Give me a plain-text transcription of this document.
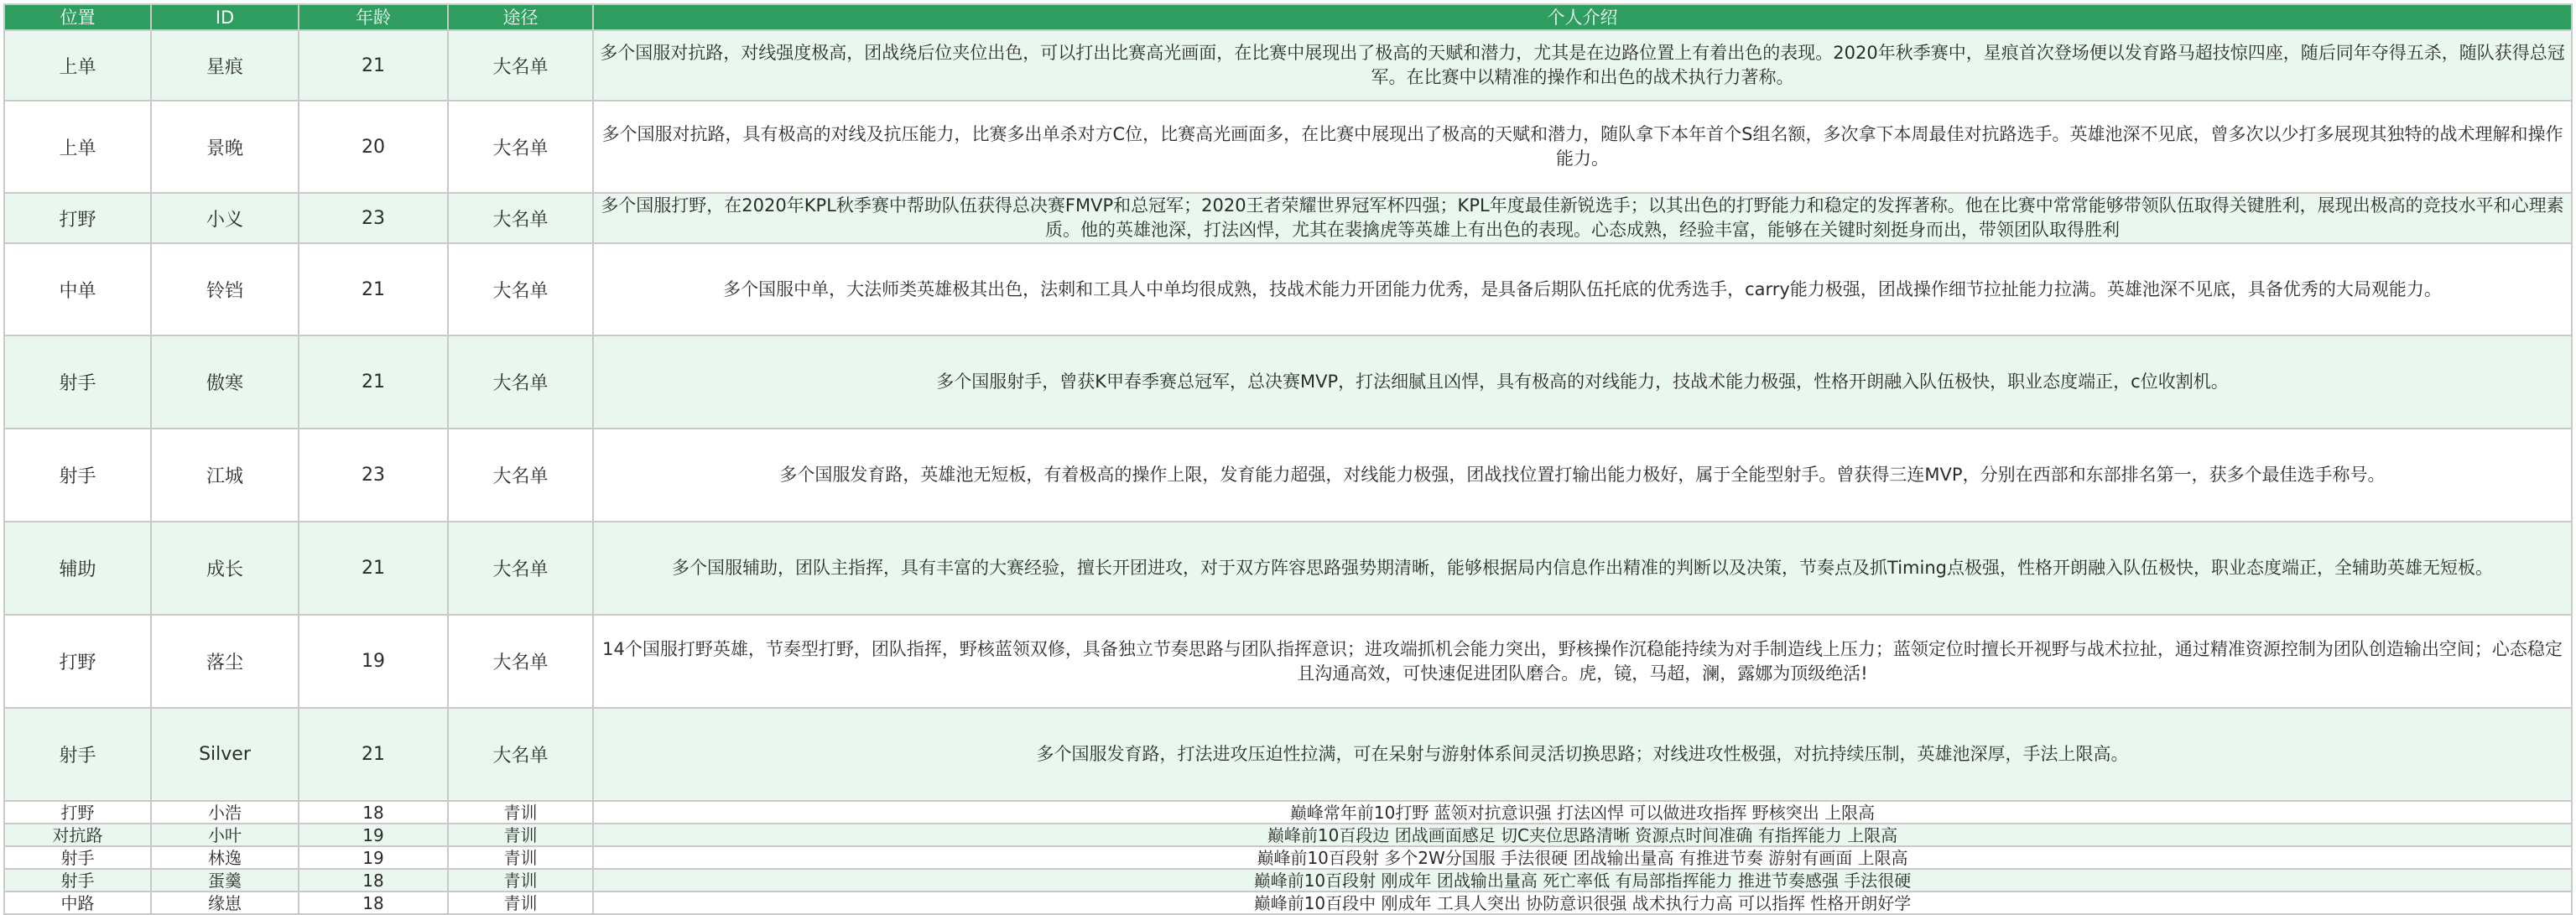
位置	ID	年龄	途径	个人介绍
上单	星痕	21	大名单	多个国服对抗路，对线强度极高，团战绕后位夹位出色，可以打出比赛高光画面，在比赛中展现出了极高的天赋和潜力，尤其是在边路位置上有着出色的表现。2020年秋季赛中，星痕首次登场便以发育路马超技惊四座，随后同年夺得五杀，随队获得总冠军。在比赛中以精准的操作和出色的战术执行力著称。
上单	景晚	20	大名单	多个国服对抗路，具有极高的对线及抗压能力，比赛多出单杀对方C位，比赛高光画面多，在比赛中展现出了极高的天赋和潜力，随队拿下本年首个S组名额，多次拿下本周最佳对抗路选手。英雄池深不见底，曾多次以少打多展现其独特的战术理解和操作能力。
打野	小义	23	大名单	多个国服打野，在2020年KPL秋季赛中帮助队伍获得总决赛FMVP和总冠军；2020王者荣耀世界冠军杯四强；KPL年度最佳新锐选手；以其出色的打野能力和稳定的发挥著称。他在比赛中常常能够带领队伍取得关键胜利，展现出极高的竞技水平和心理素质。他的英雄池深，打法凶悍，尤其在裴擒虎等英雄上有出色的表现。心态成熟，经验丰富，能够在关键时刻挺身而出，带领团队取得胜利
中单	铃铛	21	大名单	多个国服中单，大法师类英雄极其出色，法刺和工具人中单均很成熟，技战术能力开团能力优秀，是具备后期队伍托底的优秀选手，carry能力极强，团战操作细节拉扯能力拉满。英雄池深不见底，具备优秀的大局观能力。
射手	傲寒	21	大名单	多个国服射手，曾获K甲春季赛总冠军，总决赛MVP，打法细腻且凶悍，具有极高的对线能力，技战术能力极强，性格开朗融入队伍极快，职业态度端正，c位收割机。
射手	江城	23	大名单	多个国服发育路，英雄池无短板，有着极高的操作上限，发育能力超强，对线能力极强，团战找位置打输出能力极好，属于全能型射手。曾获得三连MVP，分别在西部和东部排名第一，获多个最佳选手称号。
辅助	成长	21	大名单	多个国服辅助，团队主指挥，具有丰富的大赛经验，擅长开团进攻，对于双方阵容思路强势期清晰，能够根据局内信息作出精准的判断以及决策，节奏点及抓Timing点极强，性格开朗融入队伍极快，职业态度端正，全辅助英雄无短板。
打野	落尘	19	大名单	14个国服打野英雄，节奏型打野，团队指挥，野核蓝领双修，具备独立节奏思路与团队指挥意识；进攻端抓机会能力突出，野核操作沉稳能持续为对手制造线上压力；蓝领定位时擅长开视野与战术拉扯，通过精准资源控制为团队创造输出空间；心态稳定且沟通高效，可快速促进团队磨合。虎，镜，马超，澜，露娜为顶级绝活!
射手	Silver	21	大名单	多个国服发育路，打法进攻压迫性拉满，可在呆射与游射体系间灵活切换思路；对线进攻性极强，对抗持续压制，英雄池深厚，手法上限高。
打野	小浩	18	青训	巅峰常年前10打野 蓝领对抗意识强 打法凶悍 可以做进攻指挥 野核突出 上限高
对抗路	小叶	19	青训	巅峰前10百段边 团战画面感足 切C夹位思路清晰 资源点时间准确 有指挥能力 上限高
射手	林逸	19	青训	巅峰前10百段射 多个2W分国服 手法很硬 团战输出量高 有推进节奏 游射有画面 上限高
射手	蛋羹	18	青训	巅峰前10百段射 刚成年 团战输出量高 死亡率低 有局部指挥能力 推进节奏感强 手法很硬
中路	缘崽	18	青训	巅峰前10百段中 刚成年 工具人突出 协防意识很强 战术执行力高 可以指挥 性格开朗好学
